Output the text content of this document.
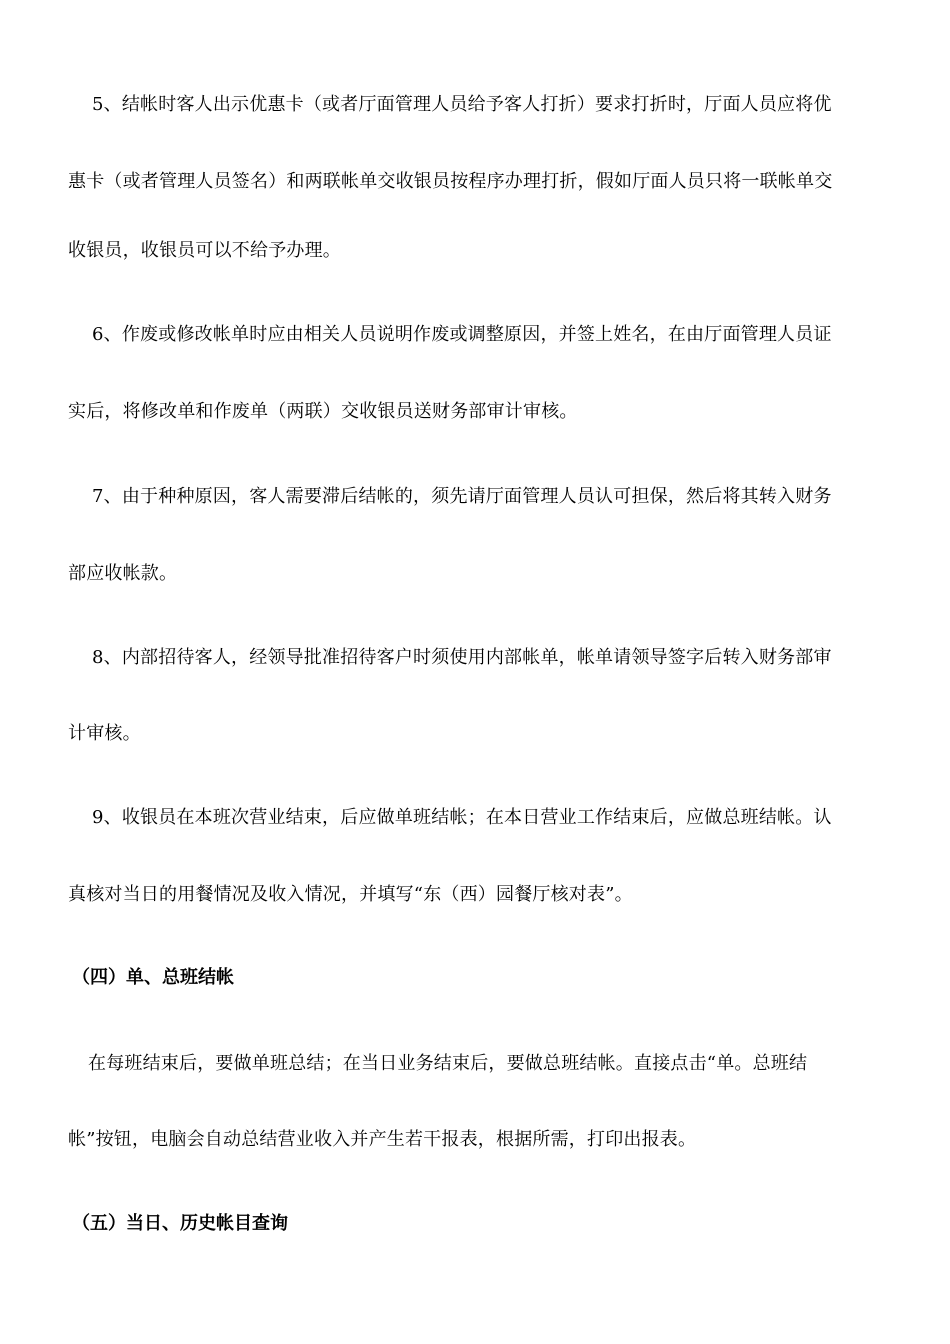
5、结帐时客人出示优惠卡（或者厅面管理人员给予客人打折）要求打折时，厅面人员应将优
惠卡（或者管理人员签名）和两联帐单交收银员按程序办理打折，假如厅面人员只将一联帐单交
收银员，收银员可以不给予办理。
6、作废或修改帐单时应由相关人员说明作废或调整原因，并签上姓名，在由厅面管理人员证
实后，将修改单和作废单（两联）交收银员送财务部审计审核。
7、由于种种原因，客人需要滞后结帐的，须先请厅面管理人员认可担保，然后将其转入财务
部应收帐款。
8、内部招待客人，经领导批准招待客户时须使用内部帐单，帐单请领导签字后转入财务部审
计审核。
9、收银员在本班次营业结束，后应做单班结帐；在本日营业工作结束后，应做总班结帐。认
真核对当日的用餐情况及收入情况，并填写“东（西）园餐厅核对表”。
（四）单、总班结帐
在每班结束后，要做单班总结；在当日业务结束后，要做总班结帐。直接点击“单。总班结
帐”按钮，电脑会自动总结营业收入并产生若干报表，根据所需，打印出报表。
（五）当日、历史帐目查询
